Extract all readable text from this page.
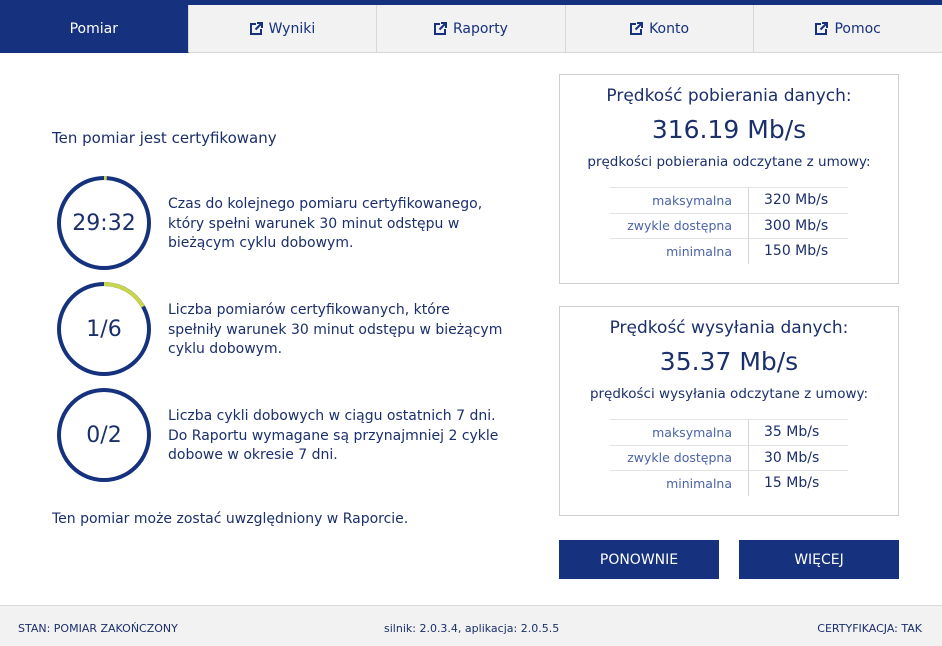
Pomiar	Wyniki	Raporty	Konto	Pomoc
Ten pomiar jest certyfikowany
29:32
Czas do kolejnego pomiaru certyfikowanego, który spełni warunek 30 minut odstępu w bieżącym cyklu dobowym.
1/6
Liczba pomiarów certyfikowanych, które spełniły warunek 30 minut odstępu w bieżącym cyklu dobowym.
0/2
Liczba cykli dobowych w ciągu ostatnich 7 dni. Do Raportu wymagane są przynajmniej 2 cykle dobowe w okresie 7 dni.
Ten pomiar może zostać uwzględniony w Raporcie.
Prędkość pobierania danych:
316.19 Mb/s
prędkości pobierania odczytane z umowy:
maksymalna	320 Mb/s
zwykle dostępna	300 Mb/s
minimalna	150 Mb/s
Prędkość wysyłania danych:
35.37 Mb/s
prędkości wysyłania odczytane z umowy:
maksymalna	35 Mb/s
zwykle dostępna	30 Mb/s
minimalna	15 Mb/s
PONOWNIE	WIĘCEJ
STAN: POMIAR ZAKOŃCZONY	silnik: 2.0.3.4, aplikacja: 2.0.5.5	CERTYFIKACJA: TAK
